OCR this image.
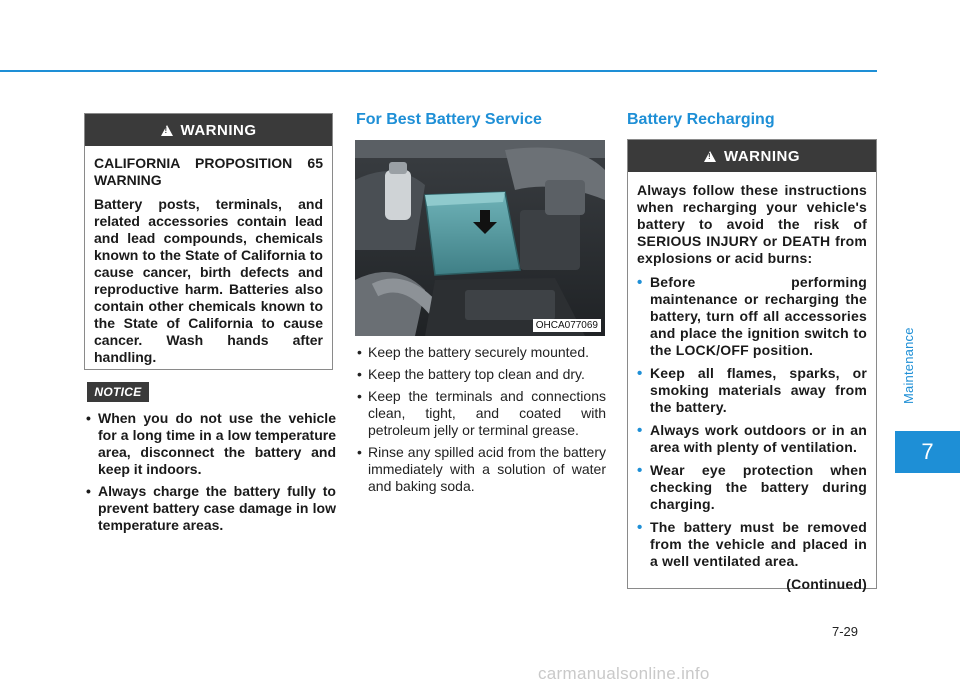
!
WARNING

CALIFORNIA PROPOSITION 65 WARNING

Battery posts, terminals, and related accessories contain lead and lead compounds, chemicals known to the State of California to cause cancer, birth defects and reproductive harm. Batteries also contain other chemicals known to the State of California to cause cancer. Wash hands after handling.

NOTICE
• When you do not use the vehicle for a long time in a low temperature area, disconnect the battery and keep it indoors.
• Always charge the battery fully to prevent battery case damage in low temperature areas.
For Best Battery Service
OHCA077069
• Keep the battery securely mounted.
• Keep the battery top clean and dry.
• Keep the terminals and connections clean, tight, and coated with petroleum jelly or terminal grease.
• Rinse any spilled acid from the battery immediately with a solution of water and baking soda.
Battery Recharging
!
WARNING

Always follow these instructions when recharging your vehicle's battery to avoid the risk of SERIOUS INJURY or DEATH from explosions or acid burns:

• Before performing maintenance or recharging the battery, turn off all accessories and place the ignition switch to the LOCK/OFF position.
• Keep all flames, sparks, or smoking materials away from the battery.
• Always work outdoors or in an area with plenty of ventilation.
• Wear eye protection when checking the battery during charging.
• The battery must be removed from the vehicle and placed in a well ventilated area.
(Continued)
Maintenance
7
7-29
carmanualsonline.info
